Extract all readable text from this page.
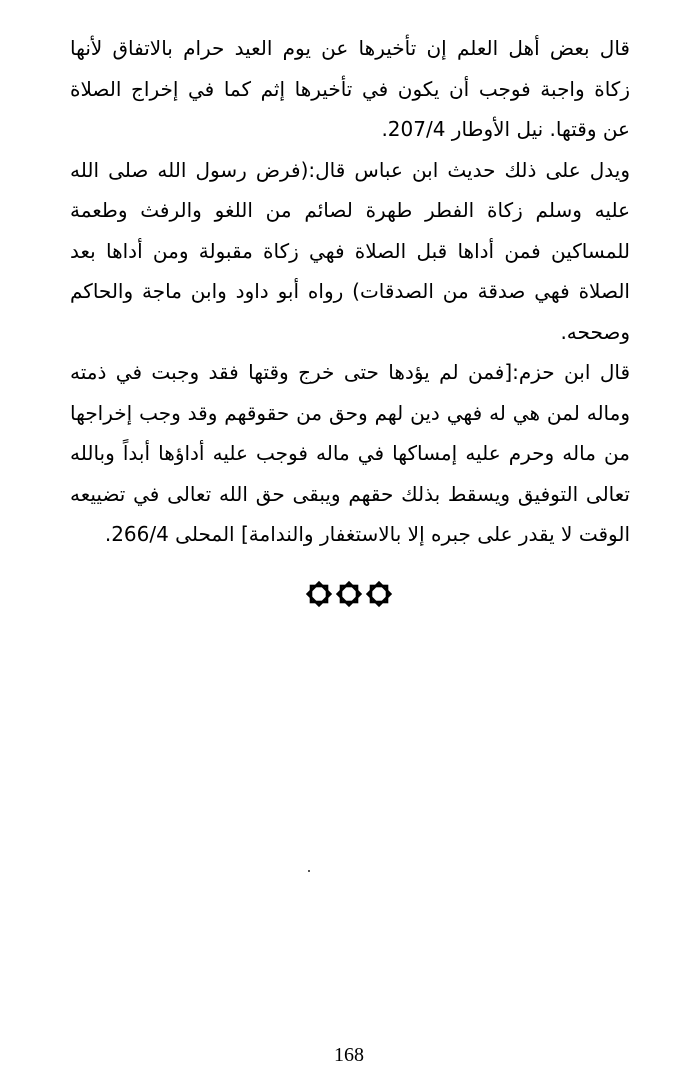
قال بعض أهل العلم إن تأخيرها عن يوم العيد حرام بالاتفاق لأنها
زكاة واجبة فوجب أن يكون في تأخيرها إثم كما في إخراج الصلاة
عن وقتها. نيل الأوطار 207/4.
ويدل على ذلك حديث ابن عباس قال:(فرض رسول الله صلى الله
عليه وسلم زكاة الفطر طهرة لصائم من اللغو والرفث وطعمة
للمساكين فمن أداها قبل الصلاة فهي زكاة مقبولة ومن أداها بعد
الصلاة فهي صدقة من الصدقات) رواه أبو داود وابن ماجة والحاكم
وصححه.
قال ابن حزم:[فمن لم يؤدها حتى خرج وقتها فقد وجبت في ذمته
وماله لمن هي له فهي دين لهم وحق من حقوقهم وقد وجب إخراجها
من ماله وحرم عليه إمساكها في ماله فوجب عليه أداؤها أبداً وبالله
تعالى التوفيق ويسقط بذلك حقهم ويبقى حق الله تعالى في تضييعه
الوقت لا يقدر على جبره إلا بالاستغفار والندامة] المحلى 266/4.
168
